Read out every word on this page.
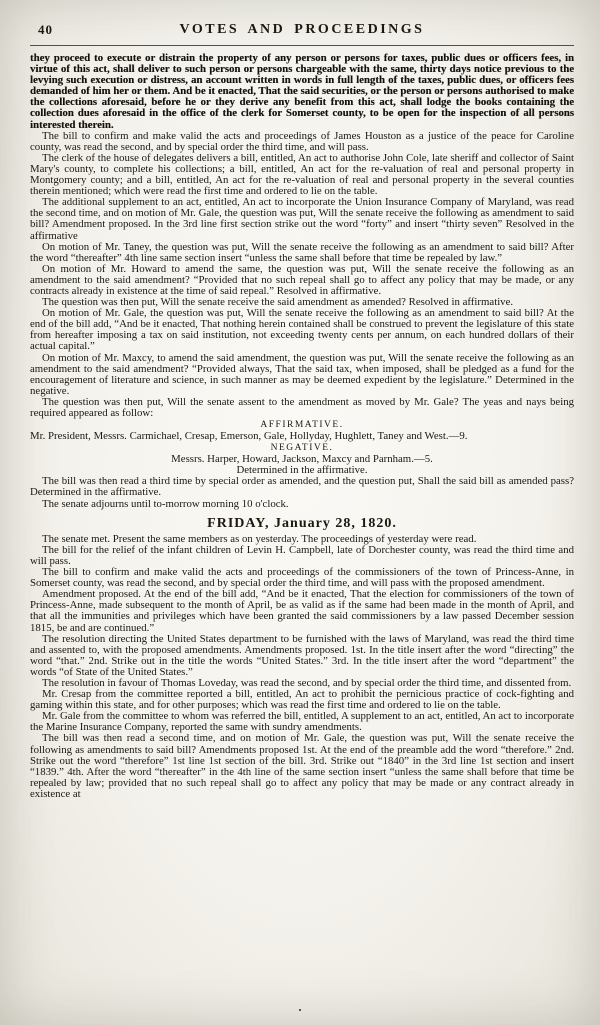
40	VOTES AND PROCEEDINGS

they proceed to execute or distrain the property of any person or persons for taxes, public dues or officers fees, in virtue of this act, shall deliver to such person or persons chargeable with the same, thirty days notice previous to the levying such execution or distress, an account written in words in full length of the taxes, public dues, or officers fees demanded of him her or them. And be it enacted, That the said securities, or the person or persons authorised to make the collections aforesaid, before he or they derive any benefit from this act, shall lodge the books containing the collection dues aforesaid in the office of the clerk for Somerset county, to be open for the inspection of all persons interested therein.

The bill to confirm and make valid the acts and proceedings of James Houston as a justice of the peace for Caroline county, was read the second, and by special order the third time, and will pass.

The clerk of the house of delegates delivers a bill, entitled, An act to authorise John Cole, late sheriff and collector of Saint Mary's county, to complete his collections; a bill, entitled, An act for the re-valuation of real and personal property in Montgomery county; and a bill, entitled, An act for the re-valuation of real and personal property in the several counties therein mentioned; which were read the first time and ordered to lie on the table.

The additional supplement to an act, entitled, An act to incorporate the Union Insurance Company of Maryland, was read the second time, and on motion of Mr. Gale, the question was put, Will the senate receive the following as amendment to said bill? Amendment proposed. In the 3rd line first section strike out the word “forty” and insert “thirty seven” Resolved in the affirmative

On motion of Mr. Taney, the question was put, Will the senate receive the following as an amendment to said bill? After the word “thereafter” 4th line same section insert “unless the same shall before that time be repealed by law.”

On motion of Mr. Howard to amend the same, the question was put, Will the senate receive the following as an amendment to the said amendment? “Provided that no such repeal shall go to affect any policy that may be made, or any contracts already in existence at the time of said repeal.” Resolved in affirmative.

The question was then put, Will the senate receive the said amendment as amended? Resolved in affirmative.

On motion of Mr. Gale, the question was put, Will the senate receive the following as an amendment to said bill? At the end of the bill add, “And be it enacted, That nothing herein contained shall be construed to prevent the legislature of this state from hereafter imposing a tax on said institution, not exceeding twenty cents per annum, on each hundred dollars of their actual capital.”

On motion of Mr. Maxcy, to amend the said amendment, the question was put, Will the senate receive the following as an amendment to the said amendment? “Provided always, That the said tax, when imposed, shall be pledged as a fund for the encouragement of literature and science, in such manner as may be deemed expedient by the legislature.” Determined in the negative.

The question was then put, Will the senate assent to the amendment as moved by Mr. Gale? The yeas and nays being required appeared as follow:

AFFIRMATIVE.

Mr. President, Messrs. Carmichael, Cresap, Emerson, Gale, Hollyday, Hughlett, Taney and West.—9.

NEGATIVE.

Messrs. Harper, Howard, Jackson, Maxcy and Parnham.—5.

Determined in the affirmative.

The bill was then read a third time by special order as amended, and the question put, Shall the said bill as amended pass? Determined in the affirmative.

The senate adjourns until to-morrow morning 10 o'clock.

FRIDAY, January 28, 1820.

The senate met. Present the same members as on yesterday. The proceedings of yesterday were read.

The bill for the relief of the infant children of Levin H. Campbell, late of Dorchester county, was read the third time and will pass.

The bill to confirm and make valid the acts and proceedings of the commissioners of the town of Princess-Anne, in Somerset county, was read the second, and by special order the third time, and will pass with the proposed amendment.

Amendment proposed. At the end of the bill add, “And be it enacted, That the election for commissioners of the town of Princess-Anne, made subsequent to the month of April, be as valid as if the same had been made in the month of April, and that all the immunities and privileges which have been granted the said commissioners by a law passed December session 1815, be and are continued.”

The resolution directing the United States department to be furnished with the laws of Maryland, was read the third time and assented to, with the proposed amendments. Amendments proposed. 1st. In the title insert after the word “directing” the word “that.” 2nd. Strike out in the title the words “United States.” 3rd. In the title insert after the word “department” the words “of State of the United States.”

The resolution in favour of Thomas Loveday, was read the second, and by special order the third time, and dissented from.

Mr. Cresap from the committee reported a bill, entitled, An act to prohibit the pernicious practice of cock-fighting and gaming within this state, and for other purposes; which was read the first time and ordered to lie on the table.

Mr. Gale from the committee to whom was referred the bill, entitled, A supplement to an act, entitled, An act to incorporate the Marine Insurance Company, reported the same with sundry amendments.

The bill was then read a second time, and on motion of Mr. Gale, the question was put, Will the senate receive the following as amendments to said bill? Amendments proposed 1st. At the end of the preamble add the word “therefore.” 2nd. Strike out the word “therefore” 1st line 1st section of the bill. 3rd. Strike out “1840” in the 3rd line 1st section and insert “1839.” 4th. After the word “thereafter” in the 4th line of the same section insert “unless the same shall before that time be repealed by law; provided that no such repeal shall go to affect any policy that may be made or any contract already in existence at

•
